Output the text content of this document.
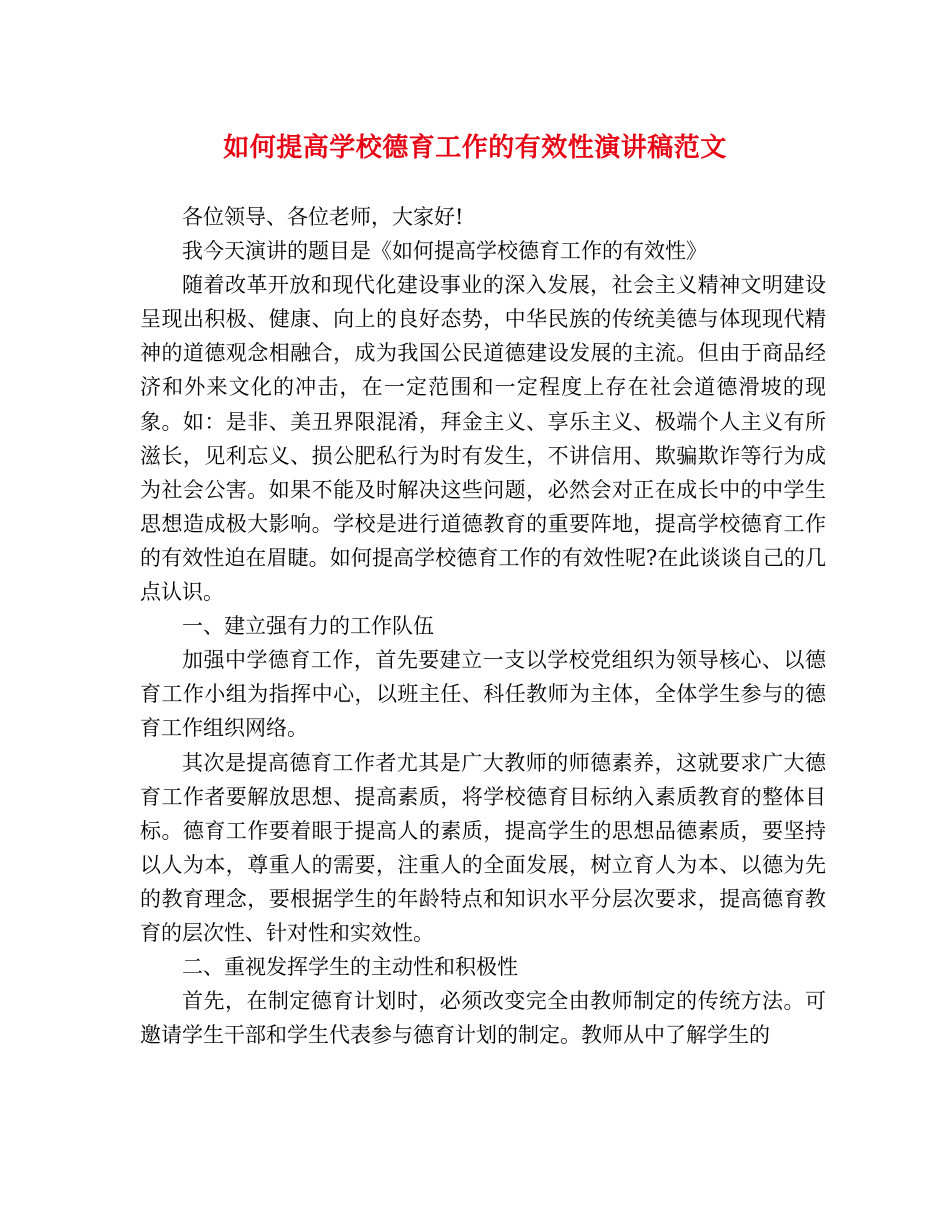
如何提高学校德育工作的有效性演讲稿范文

各位领导、各位老师，大家好!

我今天演讲的题目是《如何提高学校德育工作的有效性》

随着改革开放和现代化建设事业的深入发展，社会主义精神文明建设呈现出积极、健康、向上的良好态势，中华民族的传统美德与体现现代精神的道德观念相融合，成为我国公民道德建设发展的主流。但由于商品经济和外来文化的冲击，在一定范围和一定程度上存在社会道德滑坡的现象。如：是非、美丑界限混淆，拜金主义、享乐主义、极端个人主义有所滋长，见利忘义、损公肥私行为时有发生，不讲信用、欺骗欺诈等行为成为社会公害。如果不能及时解决这些问题，必然会对正在成长中的中学生思想造成极大影响。学校是进行道德教育的重要阵地，提高学校德育工作的有效性迫在眉睫。如何提高学校德育工作的有效性呢?在此谈谈自己的几点认识。

一、建立强有力的工作队伍

加强中学德育工作，首先要建立一支以学校党组织为领导核心、以德育工作小组为指挥中心，以班主任、科任教师为主体，全体学生参与的德育工作组织网络。

其次是提高德育工作者尤其是广大教师的师德素养，这就要求广大德育工作者要解放思想、提高素质，将学校德育目标纳入素质教育的整体目标。德育工作要着眼于提高人的素质，提高学生的思想品德素质，要坚持以人为本，尊重人的需要，注重人的全面发展，树立育人为本、以德为先的教育理念，要根据学生的年龄特点和知识水平分层次要求，提高德育教育的层次性、针对性和实效性。

二、重视发挥学生的主动性和积极性

首先，在制定德育计划时，必须改变完全由教师制定的传统方法。可邀请学生干部和学生代表参与德育计划的制定。教师从中了解学生的
